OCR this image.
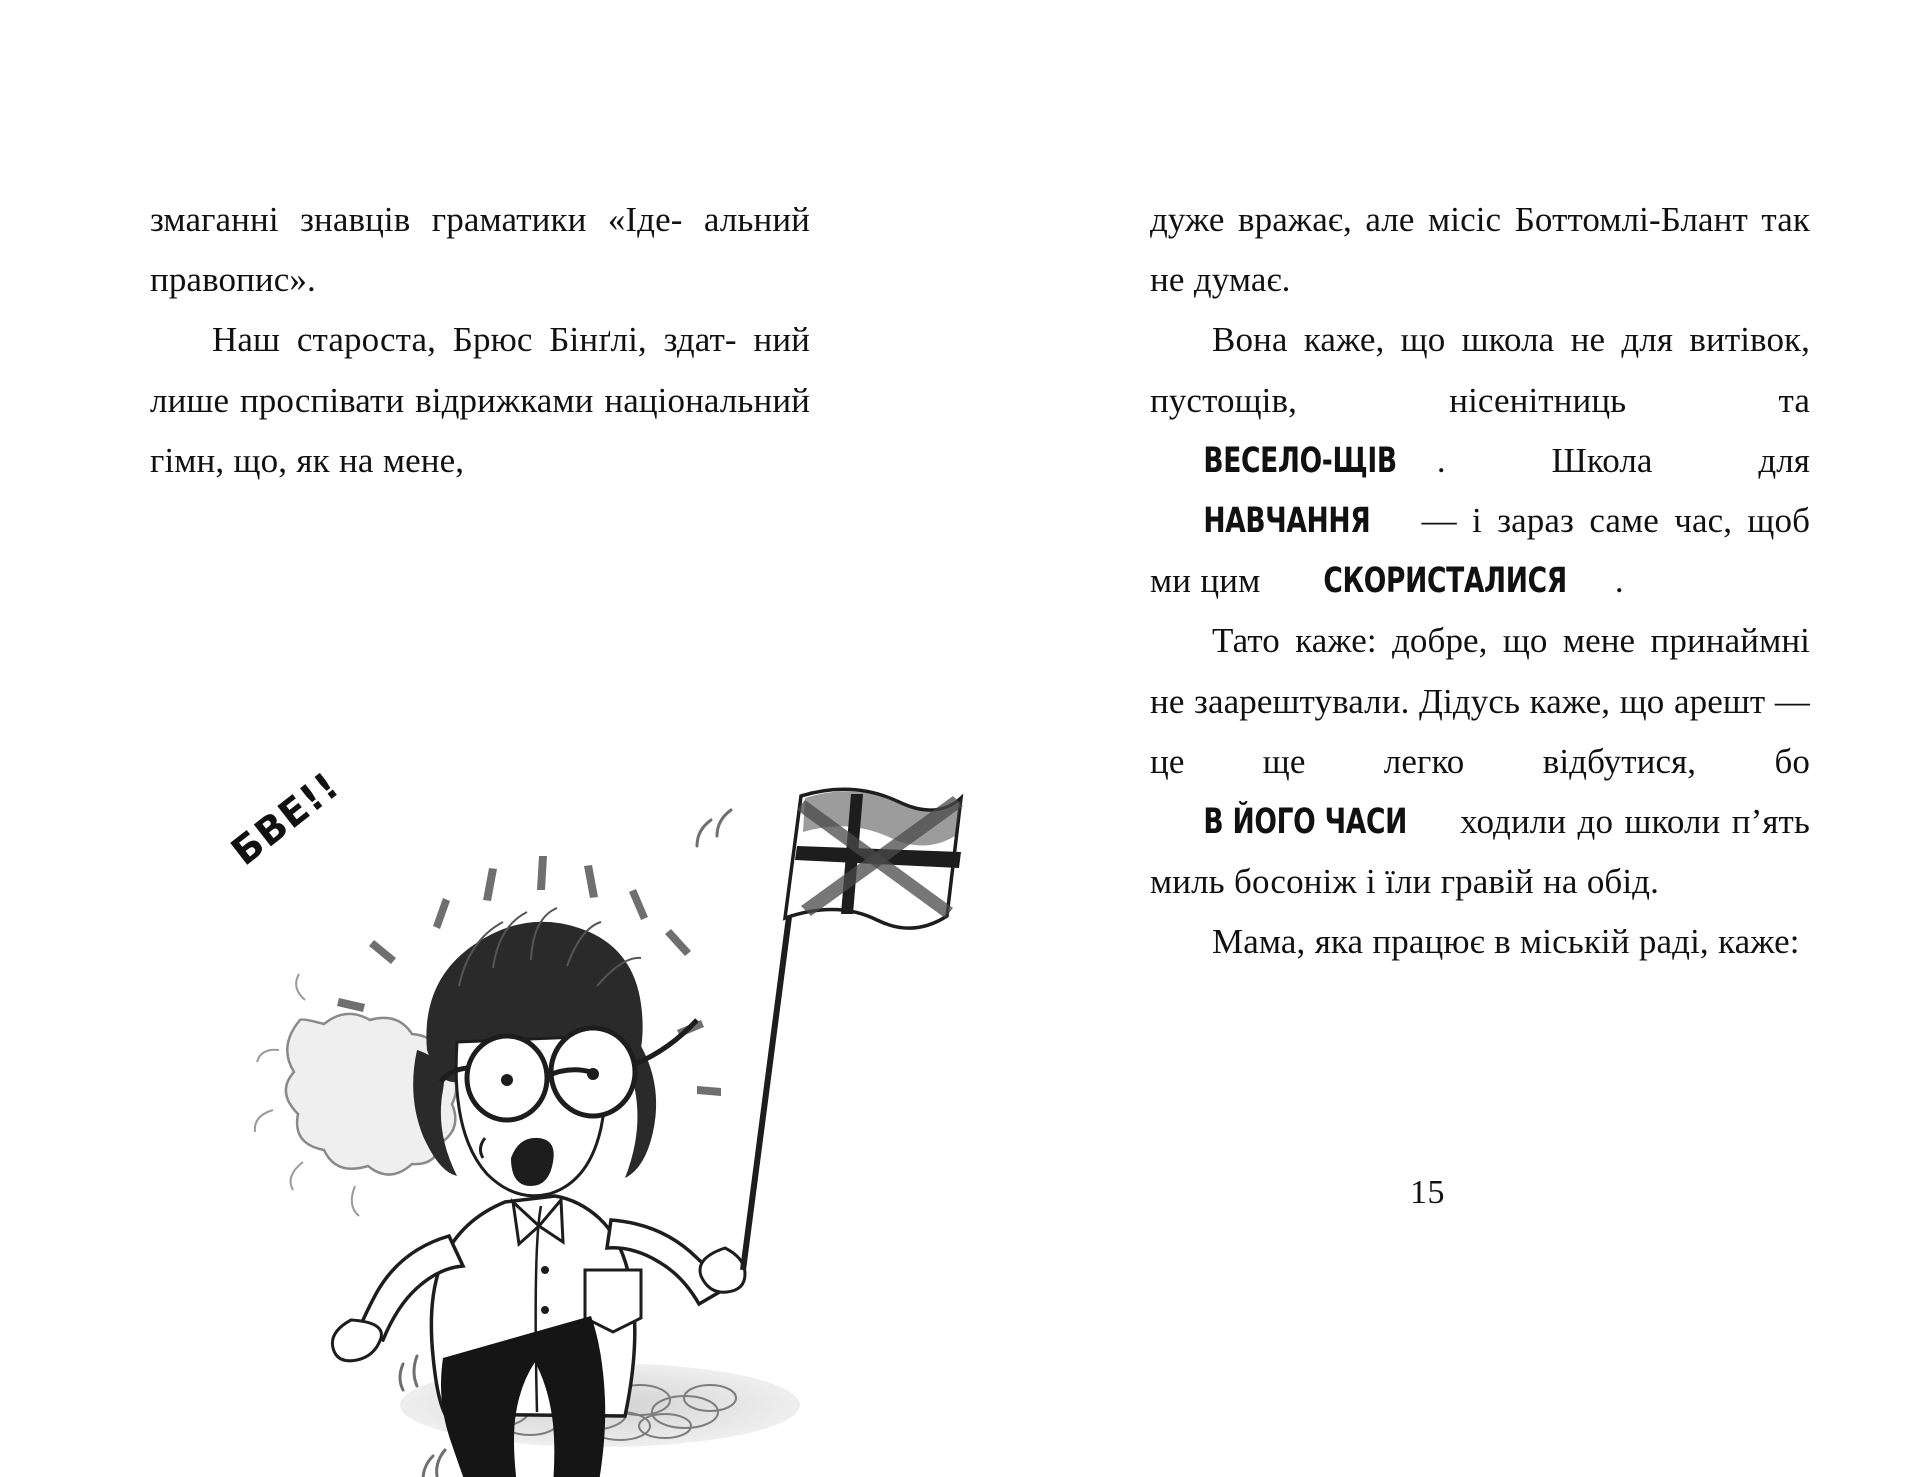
змаганні знавців граматики «Іде- альний правопис».

Наш староста, Брюс Бінґлі, здат- ний лише проспівати відрижками національний гімн, що, як на мене,

БВЕ!!

дуже вражає, але місіс Боттомлі-Блант так не думає.

Вона каже, що школа не для витівок, пустощів, нісенітниць та ВЕСЕЛО-ЩІВ . Школа для НАВЧАННЯ — і зараз саме час, щоб ми цим СКОРИСТАЛИСЯ .

Тато каже: добре, що мене принаймні не заарештували. Дідусь каже, що арешт — це ще легко відбутися, бо В ЙОГО ЧАСИ ходили до школи п’ять миль босоніж і їли гравій на обід.

Мама, яка працює в міській раді, каже:

15
